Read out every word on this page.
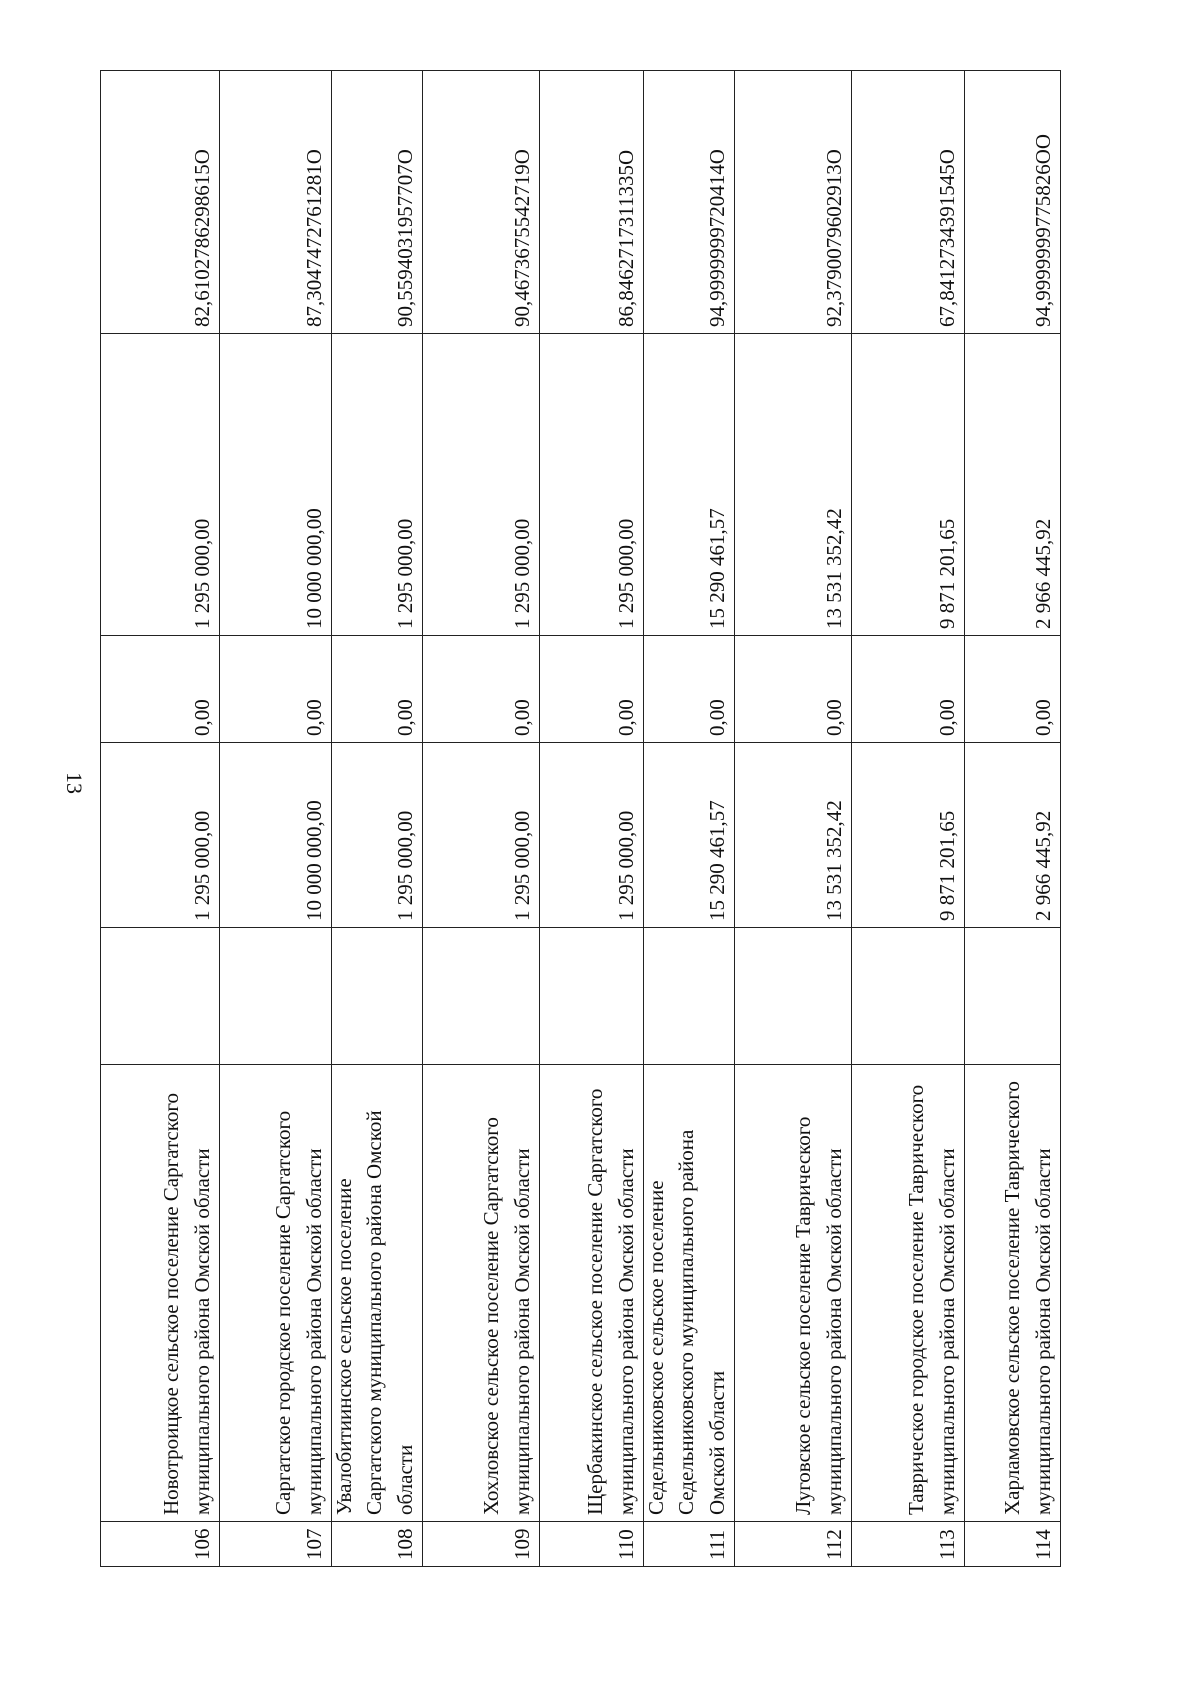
13
94,9999999775826ОО	2 966 445,92	0,00	2 966 445,92		Харламовское сельское поселение Таврического муниципального района Омской области	114

67,8412734391545О	9 871 201,65	0,00	9 871 201,65		Таврическое городское поселение Таврического муниципального района Омской области	113

92,3790079602913О	13 531 352,42	0,00	13 531 352,42		Луговское сельское поселение Таврического муниципального района Омской области	112

94,9999999720414О	15 290 461,57	0,00	15 290 461,57		Седельниковское сельское поселение Седельниковского муниципального района Омской области	111

86,8462717311335О	1 295 000,00	0,00	1 295 000,00		Щербакинское сельское поселение Саргатского муниципального района Омской области	110

90,4673675542719О	1 295 000,00	0,00	1 295 000,00		Хохловское сельское поселение Саргатского муниципального района Омской области	109

90,5594031957707О	1 295 000,00	0,00	1 295 000,00		Увалобитиинское сельское поселение Саргатского муниципального района Омской области	108

87,3047472761281О	10 000 000,00	0,00	10 000 000,00		Саргатское городское поселение Саргатского муниципального района Омской области	107

82,6102786298615О	1 295 000,00	0,00	1 295 000,00		Новотроицкое сельское поселение Саргатского муниципального района Омской области	106
